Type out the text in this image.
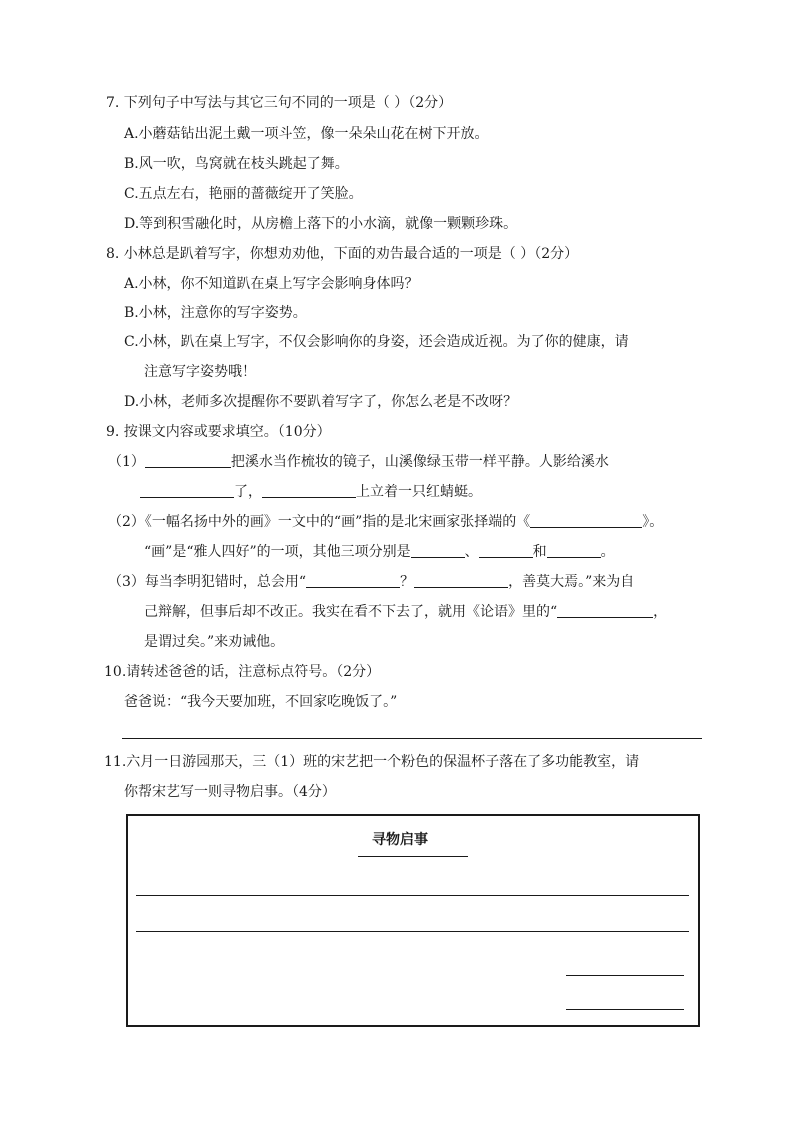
7. 下列句子中写法与其它三句不同的一项是（ ）（2分）
A.小蘑菇钻出泥土戴一项斗笠，像一朵朵山花在树下开放。
B.风一吹，鸟窝就在枝头跳起了舞。
C.五点左右，艳丽的蔷薇绽开了笑脸。
D.等到积雪融化时，从房檐上落下的小水滴，就像一颗颗珍珠。
8. 小林总是趴着写字，你想劝劝他，下面的劝告最合适的一项是（ ）（2分）
A.小林，你不知道趴在桌上写字会影响身体吗？
B.小林，注意你的写字姿势。
C.小林，趴在桌上写字，不仅会影响你的身姿，还会造成近视。为了你的健康，请
注意写字姿势哦！
D.小林，老师多次提醒你不要趴着写字了，你怎么老是不改呀？
9. 按课文内容或要求填空。（10分）
（1）	把溪水当作梳妆的镜子，山溪像绿玉带一样平静。人影给溪水
了，	上立着一只红蜻蜓。
（2）《一幅名扬中外的画》一文中的“画”指的是北宋画家张择端的《	》。
“画”是“雅人四好”的一项，其他三项分别是	、	和	。
（3）每当李明犯错时，总会用“	？	，善莫大焉。”来为自
己辩解，但事后却不改正。我实在看不下去了，就用《论语》里的“	，
是谓过矣。”来劝诫他。
10.请转述爸爸的话，注意标点符号。（2分）
爸爸说：“我今天要加班，不回家吃晚饭了。”
11.六月一日游园那天，三（1）班的宋艺把一个粉色的保温杯子落在了多功能教室，请
你帮宋艺写一则寻物启事。（4分）
寻物启事
